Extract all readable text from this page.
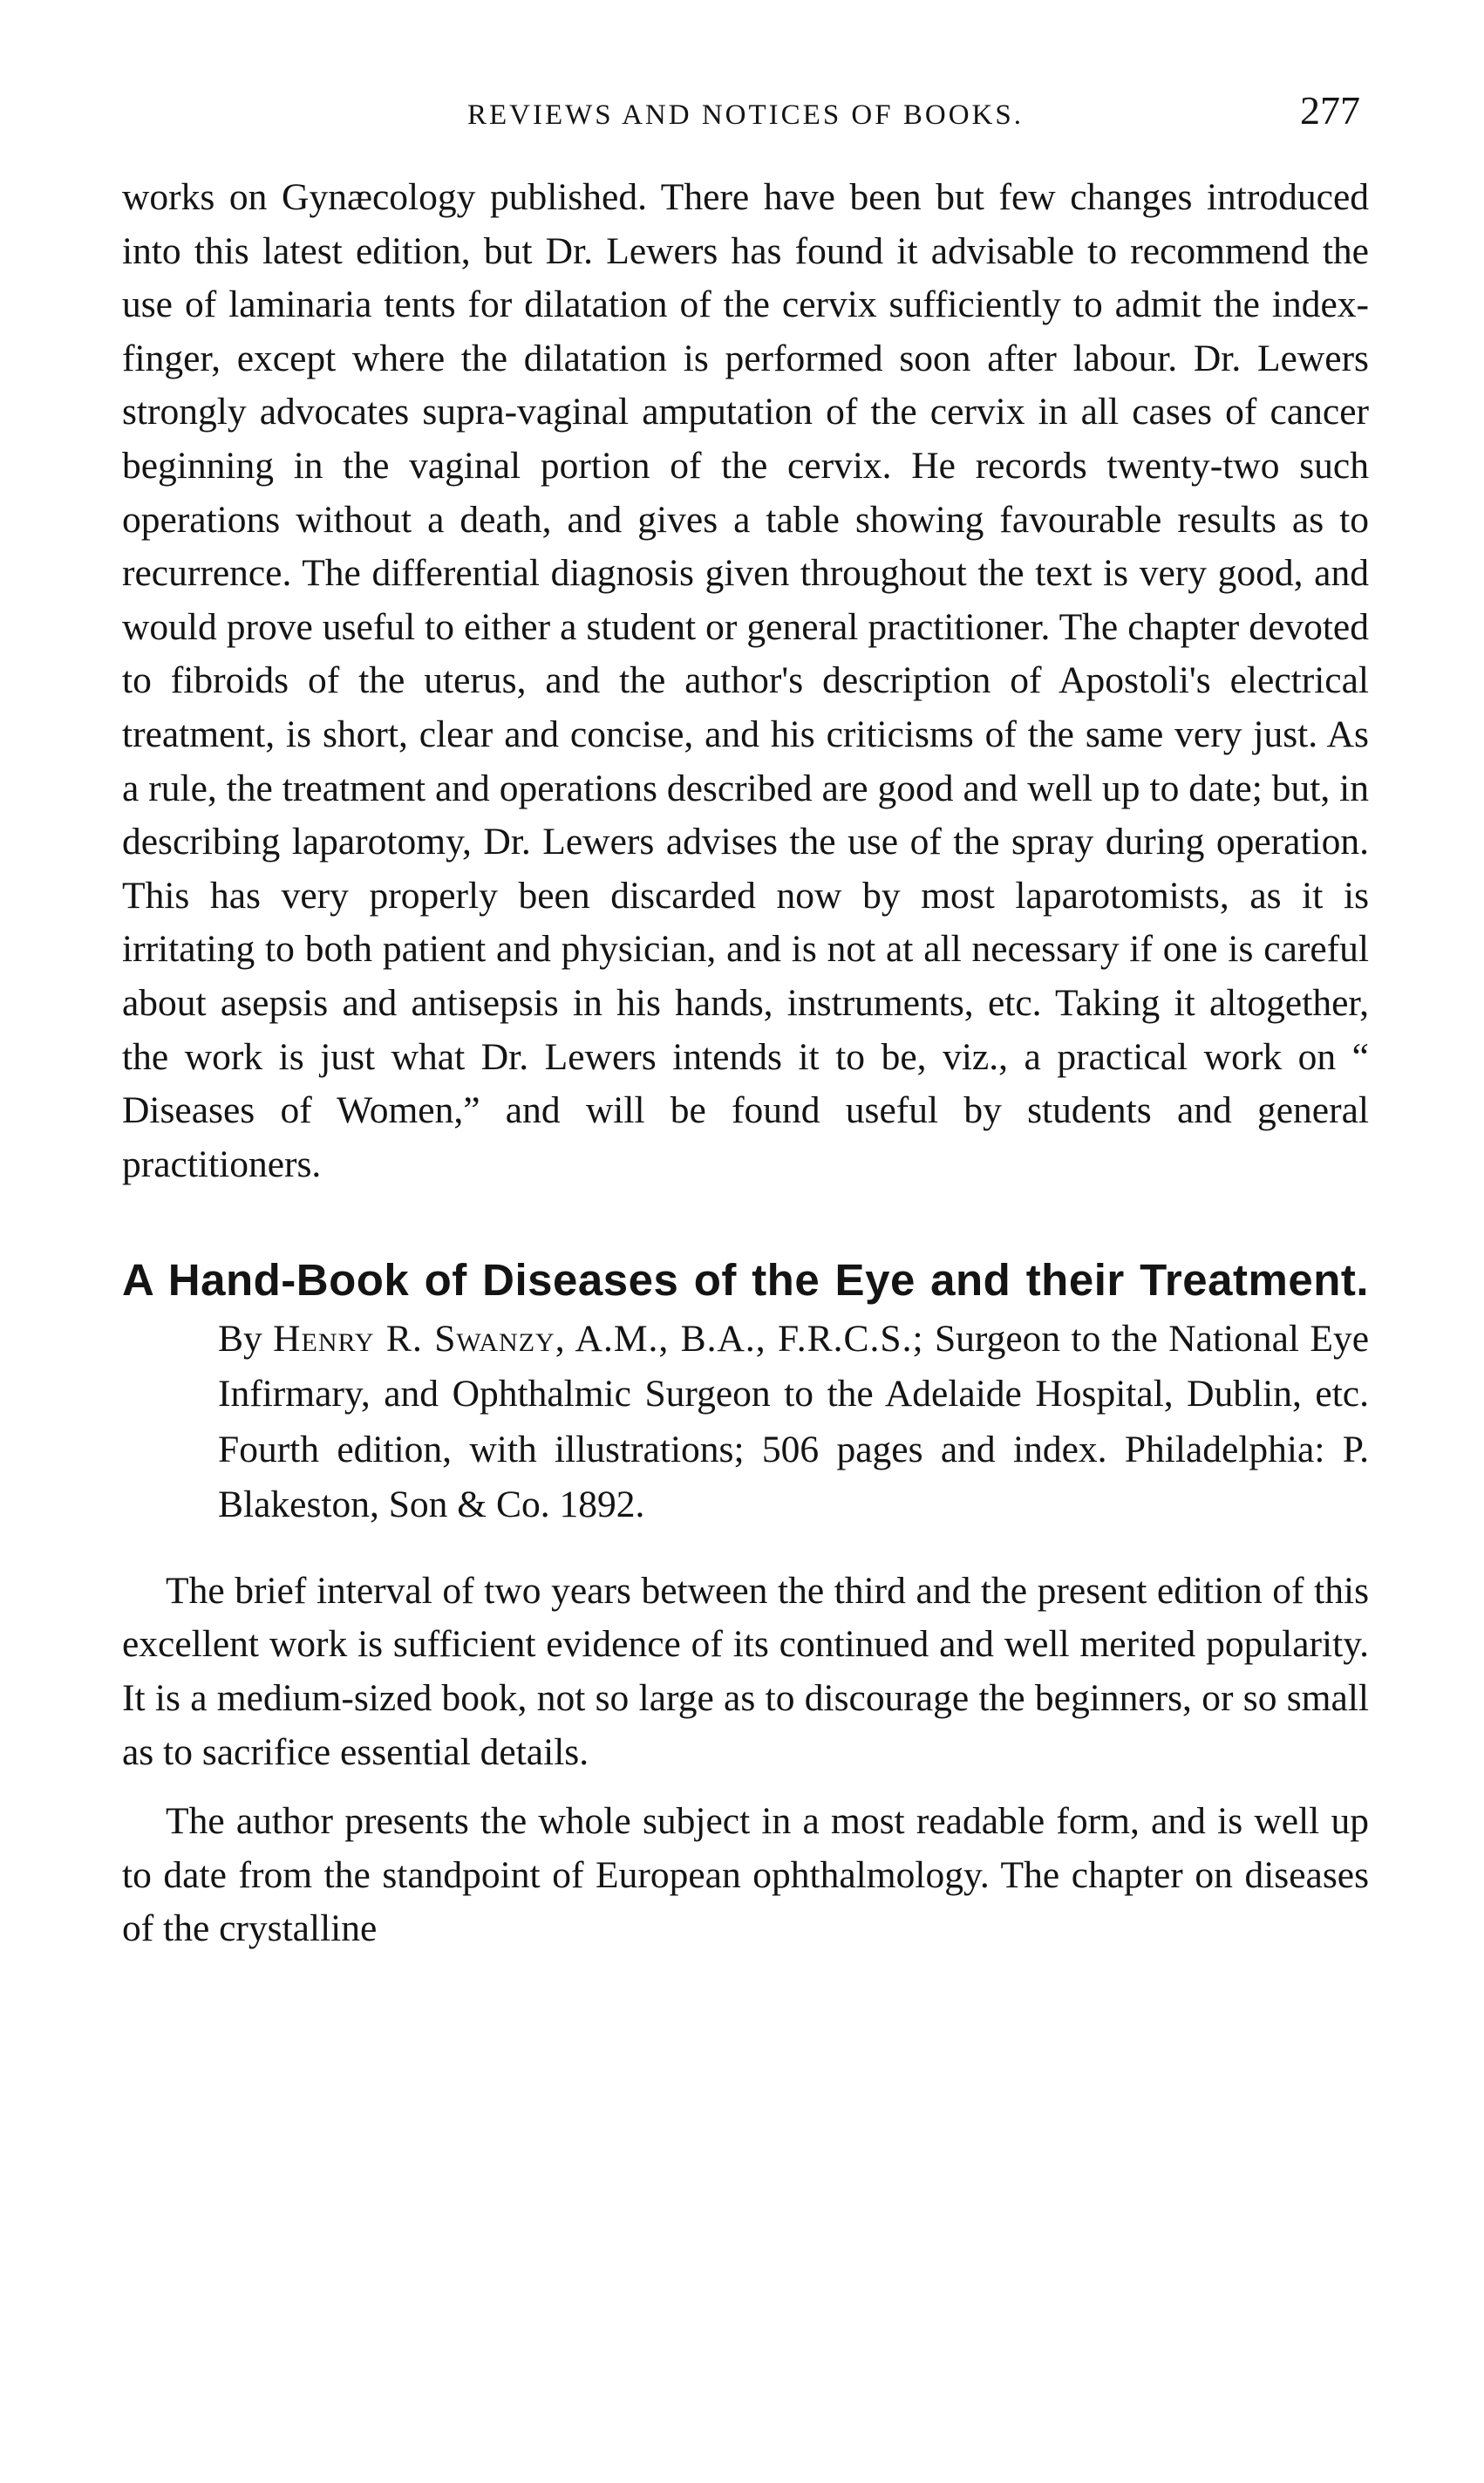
REVIEWS AND NOTICES OF BOOKS.	277

works on Gynæcology published. There have been but few changes introduced into this latest edition, but Dr. Lewers has found it advisable to recommend the use of laminaria tents for dilatation of the cervix sufficiently to admit the index-finger, except where the dilatation is performed soon after labour. Dr. Lewers strongly advocates supra-vaginal amputation of the cervix in all cases of cancer beginning in the vaginal portion of the cervix. He records twenty-two such operations without a death, and gives a table showing favourable results as to recurrence. The differential diagnosis given throughout the text is very good, and would prove useful to either a student or general practitioner. The chapter devoted to fibroids of the uterus, and the author's description of Apostoli's electrical treatment, is short, clear and concise, and his criticisms of the same very just. As a rule, the treatment and operations described are good and well up to date; but, in describing laparotomy, Dr. Lewers advises the use of the spray during operation. This has very properly been discarded now by most laparotomists, as it is irritating to both patient and physician, and is not at all necessary if one is careful about asepsis and antisepsis in his hands, instruments, etc. Taking it altogether, the work is just what Dr. Lewers intends it to be, viz., a practical work on “ Diseases of Women,” and will be found useful by students and general practitioners.

A Hand-Book of Diseases of the Eye and their Treatment. By Henry R. Swanzy, A.M., B.A., F.R.C.S.; Surgeon to the National Eye Infirmary, and Ophthalmic Surgeon to the Adelaide Hospital, Dublin, etc. Fourth edition, with illustrations; 506 pages and index. Philadelphia: P. Blakeston, Son & Co. 1892.

The brief interval of two years between the third and the present edition of this excellent work is sufficient evidence of its continued and well merited popularity. It is a medium-sized book, not so large as to discourage the beginners, or so small as to sacrifice essential details.

The author presents the whole subject in a most readable form, and is well up to date from the standpoint of European ophthalmology. The chapter on diseases of the crystalline
